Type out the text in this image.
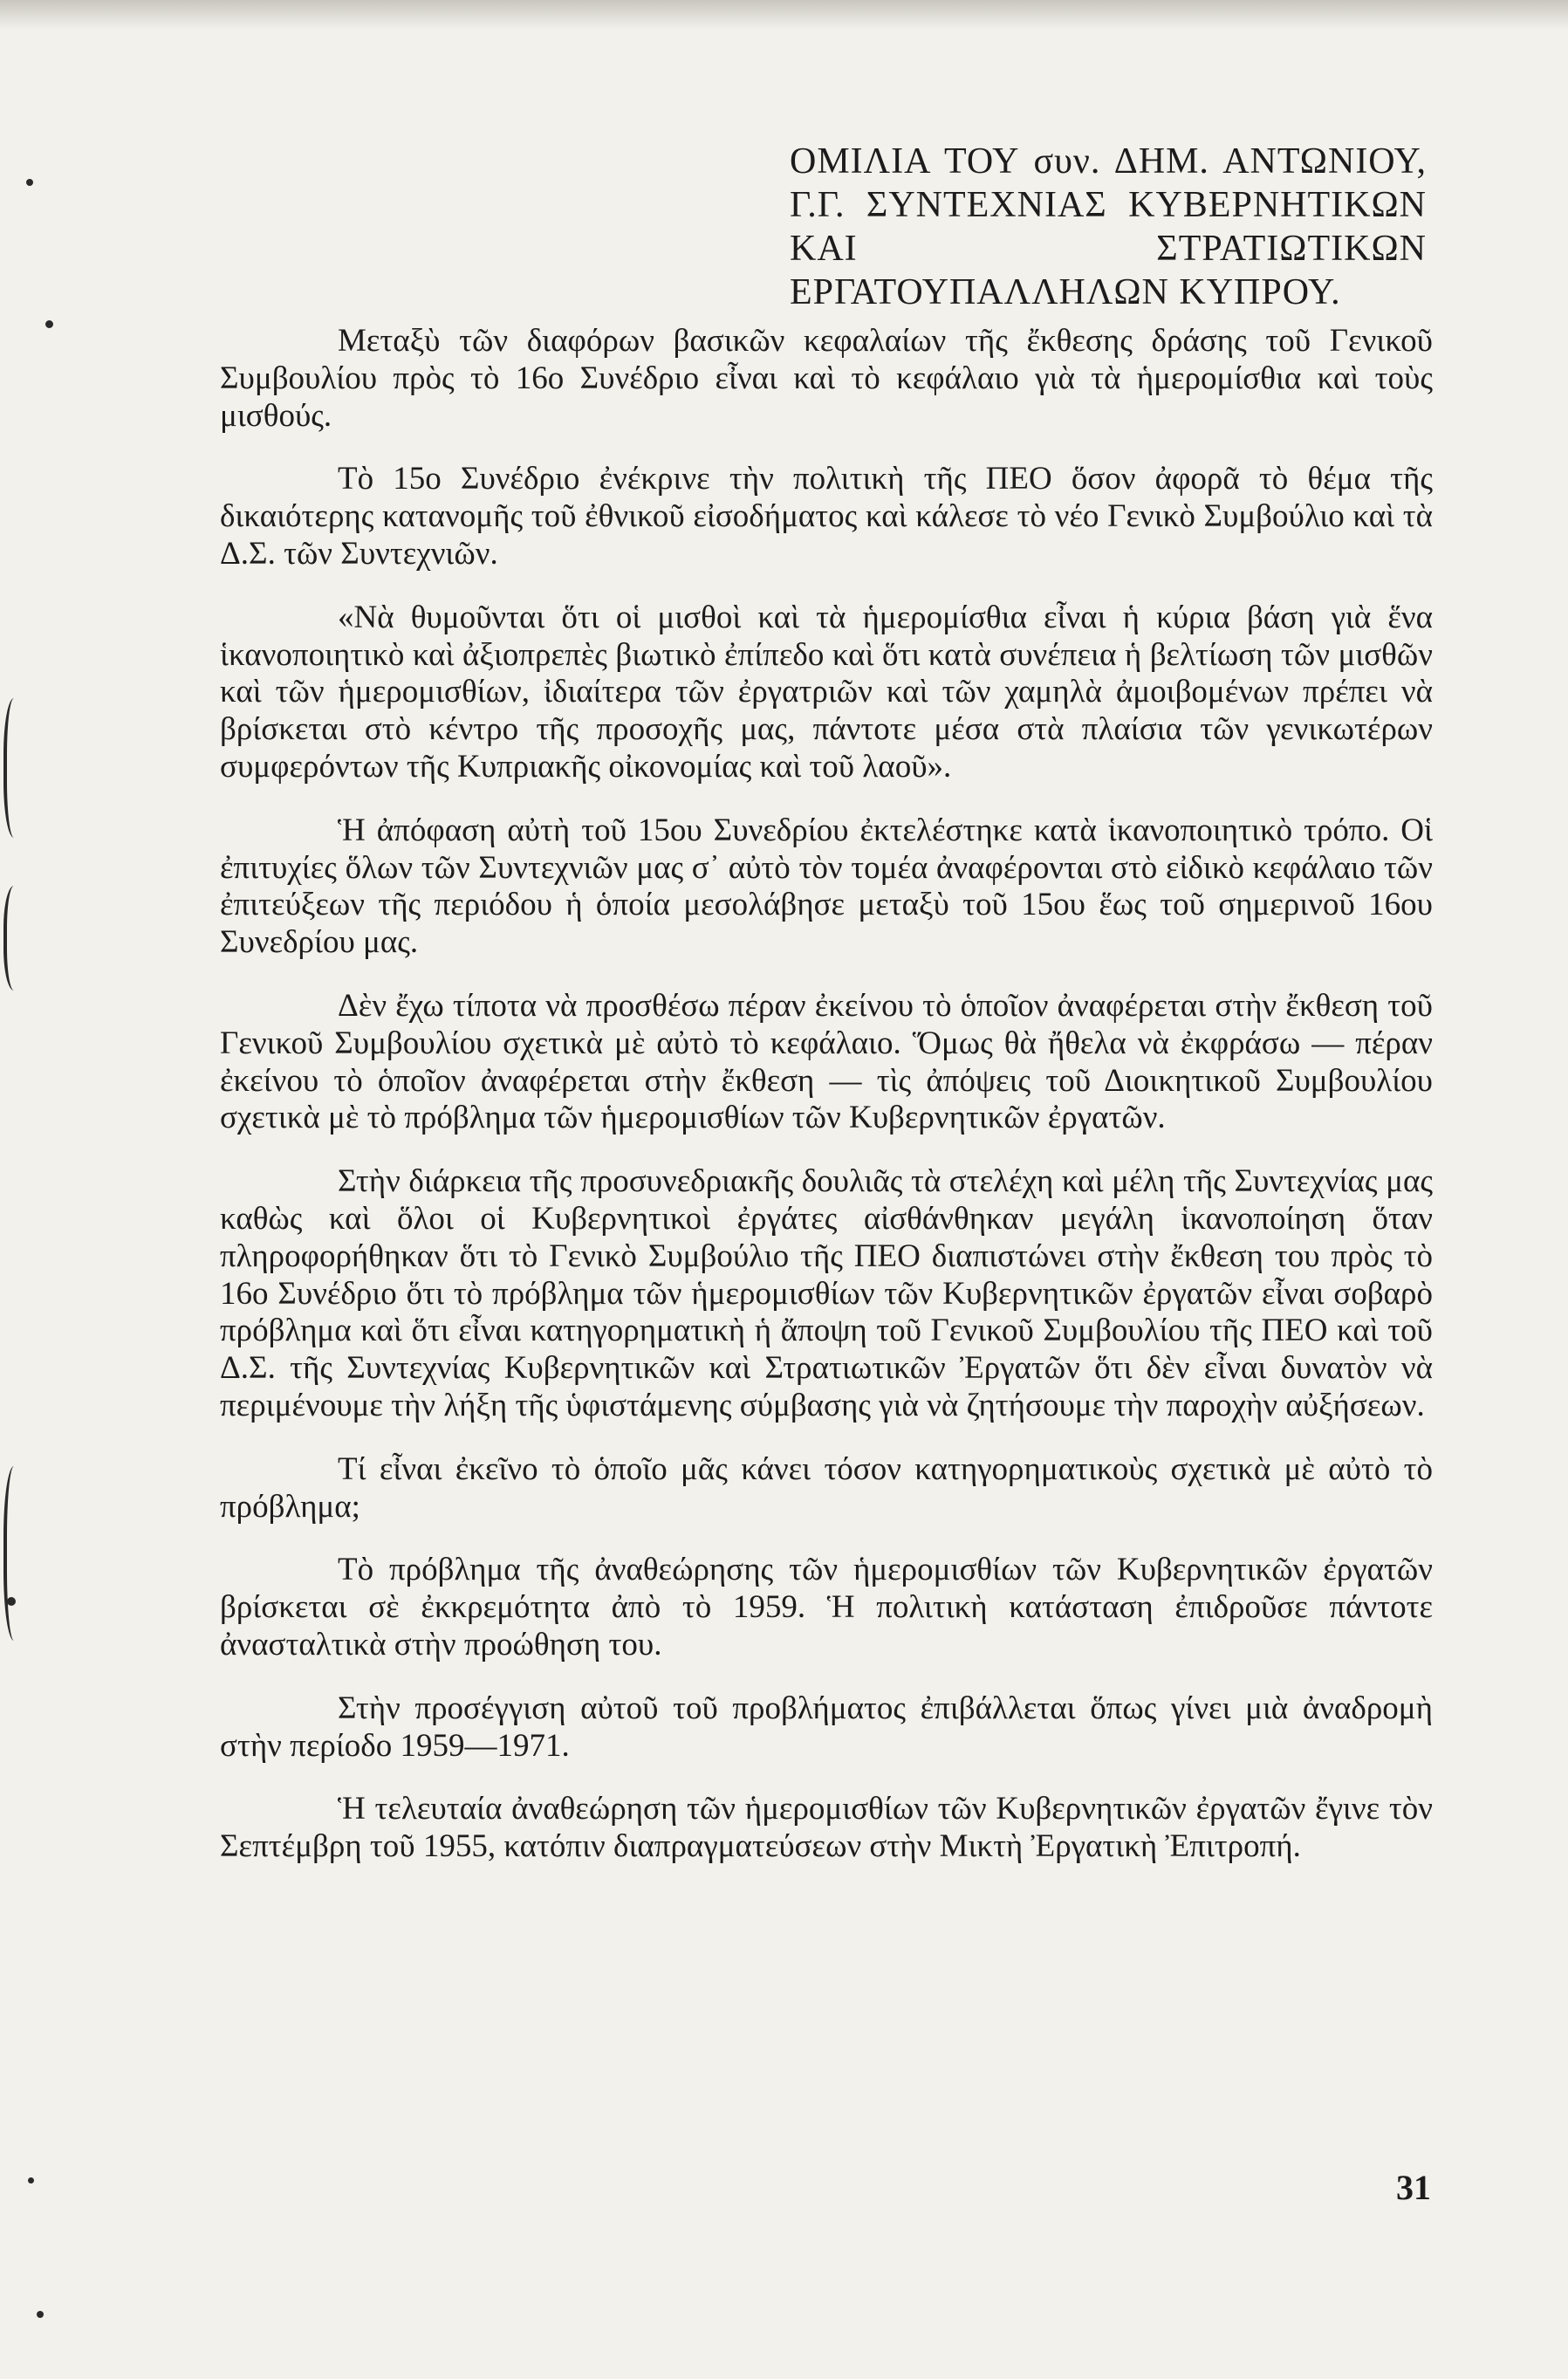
ΟΜΙΛΙΑ ΤΟΥ συν. ΔΗΜ. ΑΝΤΩΝΙΟΥ, Γ.Γ. ΣΥΝΤΕΧΝΙΑΣ ΚΥΒΕΡΝΗΤΙΚΩΝ ΚΑΙ ΣΤΡΑΤΙΩΤΙΚΩΝ ΕΡΓΑΤΟΥΠΑΛΛΗΛΩΝ ΚΥΠΡΟΥ.

Μεταξὺ τῶν διαφόρων βασικῶν κεφαλαίων τῆς ἔκθεσης δράσης τοῦ Γενικοῦ Συμβουλίου πρὸς τὸ 16ο Συνέδριο εἶναι καὶ τὸ κεφάλαιο γιὰ τὰ ἡμερομίσθια καὶ τοὺς μισθούς.

Τὸ 15ο Συνέδριο ἐνέκρινε τὴν πολιτικὴ τῆς ΠΕΟ ὅσον ἀφορᾶ τὸ θέμα τῆς δικαιότερης κατανομῆς τοῦ ἐθνικοῦ εἰσοδήματος καὶ κάλεσε τὸ νέο Γενικὸ Συμβούλιο καὶ τὰ Δ.Σ. τῶν Συντεχνιῶν.

«Νὰ θυμοῦνται ὅτι οἱ μισθοὶ καὶ τὰ ἡμερομίσθια εἶναι ἡ κύρια βάση γιὰ ἕνα ἱκανοποιητικὸ καὶ ἀξιοπρεπὲς βιωτικὸ ἐπίπεδο καὶ ὅτι κατὰ συνέπεια ἡ βελτίωση τῶν μισθῶν καὶ τῶν ἡμερομισθίων, ἰδιαίτερα τῶν ἐργατριῶν καὶ τῶν χαμηλὰ ἀμοιβομένων πρέπει νὰ βρίσκεται στὸ κέντρο τῆς προσοχῆς μας, πάντοτε μέσα στὰ πλαίσια τῶν γενικωτέρων συμφερόντων τῆς Κυπριακῆς οἰκονομίας καὶ τοῦ λαοῦ».

Ἡ ἀπόφαση αὐτὴ τοῦ 15ου Συνεδρίου ἐκτελέστηκε κατὰ ἱκανοποιητικὸ τρόπο. Οἱ ἐπιτυχίες ὅλων τῶν Συντεχνιῶν μας σ᾽ αὐτὸ τὸν τομέα ἀναφέρονται στὸ εἰδικὸ κεφάλαιο τῶν ἐπιτεύξεων τῆς περιόδου ἡ ὁποία μεσολάβησε μεταξὺ τοῦ 15ου ἕως τοῦ σημερινοῦ 16ου Συνεδρίου μας.

Δὲν ἔχω τίποτα νὰ προσθέσω πέραν ἐκείνου τὸ ὁποῖον ἀναφέρεται στὴν ἔκθεση τοῦ Γενικοῦ Συμβουλίου σχετικὰ μὲ αὐτὸ τὸ κεφάλαιο. Ὅμως θὰ ἤθελα νὰ ἐκφράσω — πέραν ἐκείνου τὸ ὁποῖον ἀναφέρεται στὴν ἔκθεση — τὶς ἀπόψεις τοῦ Διοικητικοῦ Συμβουλίου σχετικὰ μὲ τὸ πρόβλημα τῶν ἡμερομισθίων τῶν Κυβερνητικῶν ἐργατῶν.

Στὴν διάρκεια τῆς προσυνεδριακῆς δουλιᾶς τὰ στελέχη καὶ μέλη τῆς Συντεχνίας μας καθὼς καὶ ὅλοι οἱ Κυβερνητικοὶ ἐργάτες αἰσθάνθηκαν μεγάλη ἱκανοποίηση ὅταν πληροφορήθηκαν ὅτι τὸ Γενικὸ Συμβούλιο τῆς ΠΕΟ διαπιστώνει στὴν ἔκθεση του πρὸς τὸ 16ο Συνέδριο ὅτι τὸ πρόβλημα τῶν ἡμερομισθίων τῶν Κυβερνητικῶν ἐργατῶν εἶναι σοβαρὸ πρόβλημα καὶ ὅτι εἶναι κατηγορηματικὴ ἡ ἄποψη τοῦ Γενικοῦ Συμβουλίου τῆς ΠΕΟ καὶ τοῦ Δ.Σ. τῆς Συντεχνίας Κυβερνητικῶν καὶ Στρατιωτικῶν Ἐργατῶν ὅτι δὲν εἶναι δυνατὸν νὰ περιμένουμε τὴν λήξη τῆς ὑφιστάμενης σύμβασης γιὰ νὰ ζητήσουμε τὴν παροχὴν αὐξήσεων.

Τί εἶναι ἐκεῖνο τὸ ὁποῖο μᾶς κάνει τόσον κατηγορηματικοὺς σχετικὰ μὲ αὐτὸ τὸ πρόβλημα;

Τὸ πρόβλημα τῆς ἀναθεώρησης τῶν ἡμερομισθίων τῶν Κυβερνητικῶν ἐργατῶν βρίσκεται σὲ ἐκκρεμότητα ἀπὸ τὸ 1959. Ἡ πολιτικὴ κατάσταση ἐπιδροῦσε πάντοτε ἀνασταλτικὰ στὴν προώθηση του.

Στὴν προσέγγιση αὐτοῦ τοῦ προβλήματος ἐπιβάλλεται ὅπως γίνει μιὰ ἀναδρομὴ στὴν περίοδο 1959—1971.

Ἡ τελευταία ἀναθεώρηση τῶν ἡμερομισθίων τῶν Κυβερνητικῶν ἐργατῶν ἔγινε τὸν Σεπτέμβρη τοῦ 1955, κατόπιν διαπραγματεύσεων στὴν Μικτὴ Ἐργατικὴ Ἐπιτροπή.

31
